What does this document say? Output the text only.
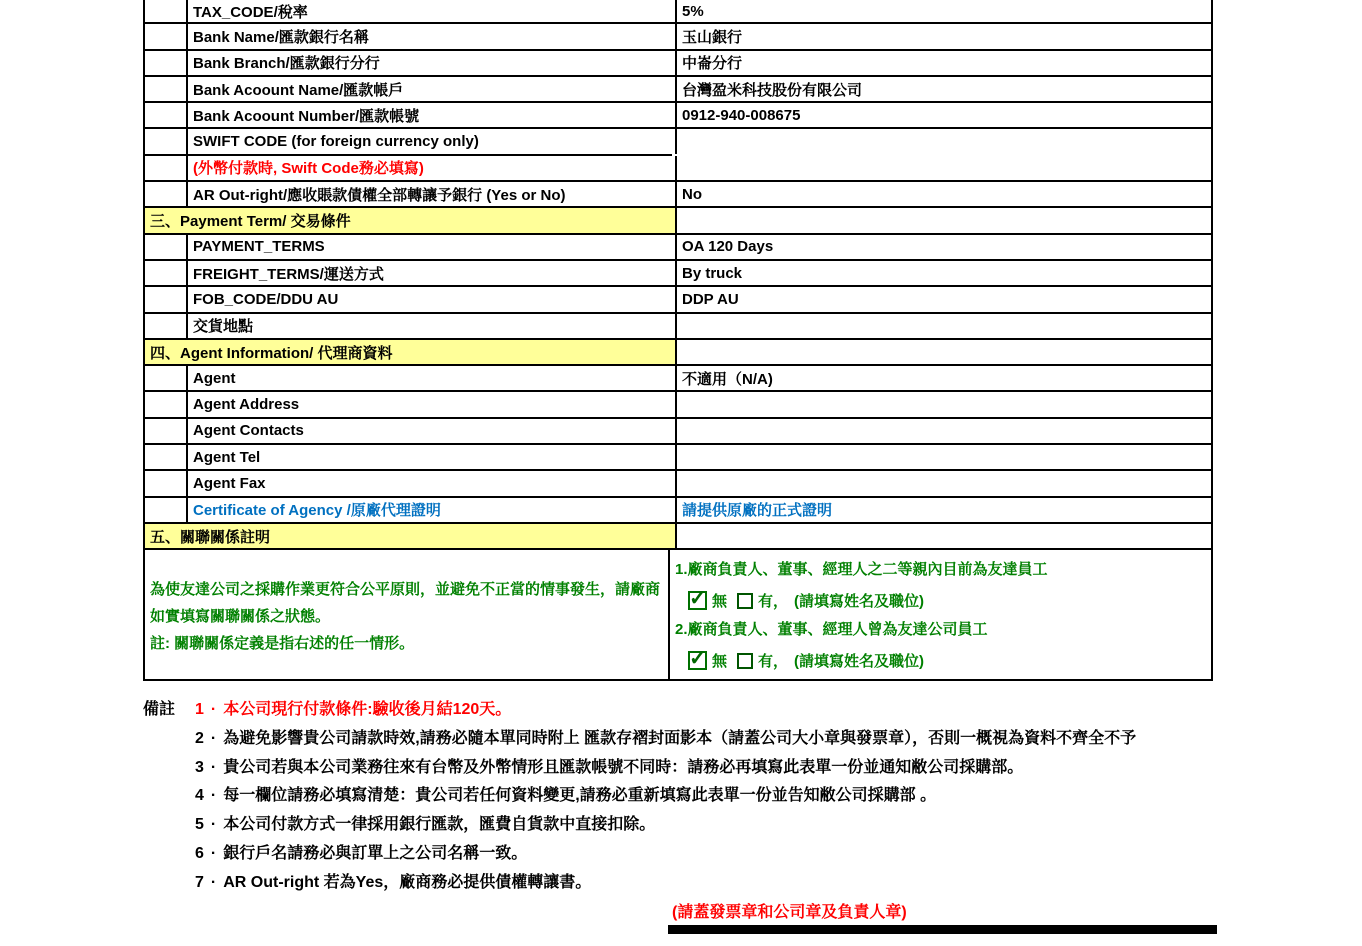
TAX_CODE/稅率	5%
Bank Name/匯款銀行名稱	玉山銀行
Bank Branch/匯款銀行分行	中崙分行
Bank Acoount Name/匯款帳戶	台灣盈米科技股份有限公司
Bank Acoount Number/匯款帳號	0912-940-008675
SWIFT CODE (for foreign currency only)
(外幣付款時, Swift Code務必填寫)
AR Out-right/應收賬款債權全部轉讓予銀行 (Yes or No)	No
三、Payment Term/ 交易條件
PAYMENT_TERMS	OA 120 Days
FREIGHT_TERMS/運送方式	By truck
FOB_CODE/DDU AU	DDP AU
交貨地點
四、Agent Information/ 代理商資料
Agent	不適用（N/A)
Agent Address
Agent Contacts
Agent Tel
Agent Fax
Certificate of Agency /原廠代理證明	請提供原廠的正式證明
五、關聯關係註明
為使友達公司之採購作業更符合公平原則，並避免不正當的情事發生，請廠商如實填寫關聯關係之狀態。
註: 關聯關係定義是指右述的任一情形。
1.廠商負責人、董事、經理人之二等親內目前為友達員工
✓
無 有， (請填寫姓名及職位)
2.廠商負責人、董事、經理人曾為友達公司員工
✓
無 有， (請填寫姓名及職位)
備註	1 · 本公司現行付款條件:驗收後月結120天。
2 · 為避免影響貴公司請款時效,請務必隨本單同時附上 匯款存褶封面影本（請蓋公司大小章與發票章），否則一概視為資料不齊全不予
3 · 貴公司若與本公司業務往來有台幣及外幣情形且匯款帳號不同時：請務必再填寫此表單一份並通知敝公司採購部。
4 · 每一欄位請務必填寫清楚：貴公司若任何資料變更,請務必重新填寫此表單一份並告知敝公司採購部 。
5 · 本公司付款方式一律採用銀行匯款，匯費自貨款中直接扣除。
6 · 銀行戶名請務必與訂單上之公司名稱一致。
7 · AR Out-right 若為Yes，廠商務必提供債權轉讓書。
(請蓋發票章和公司章及負責人章)
